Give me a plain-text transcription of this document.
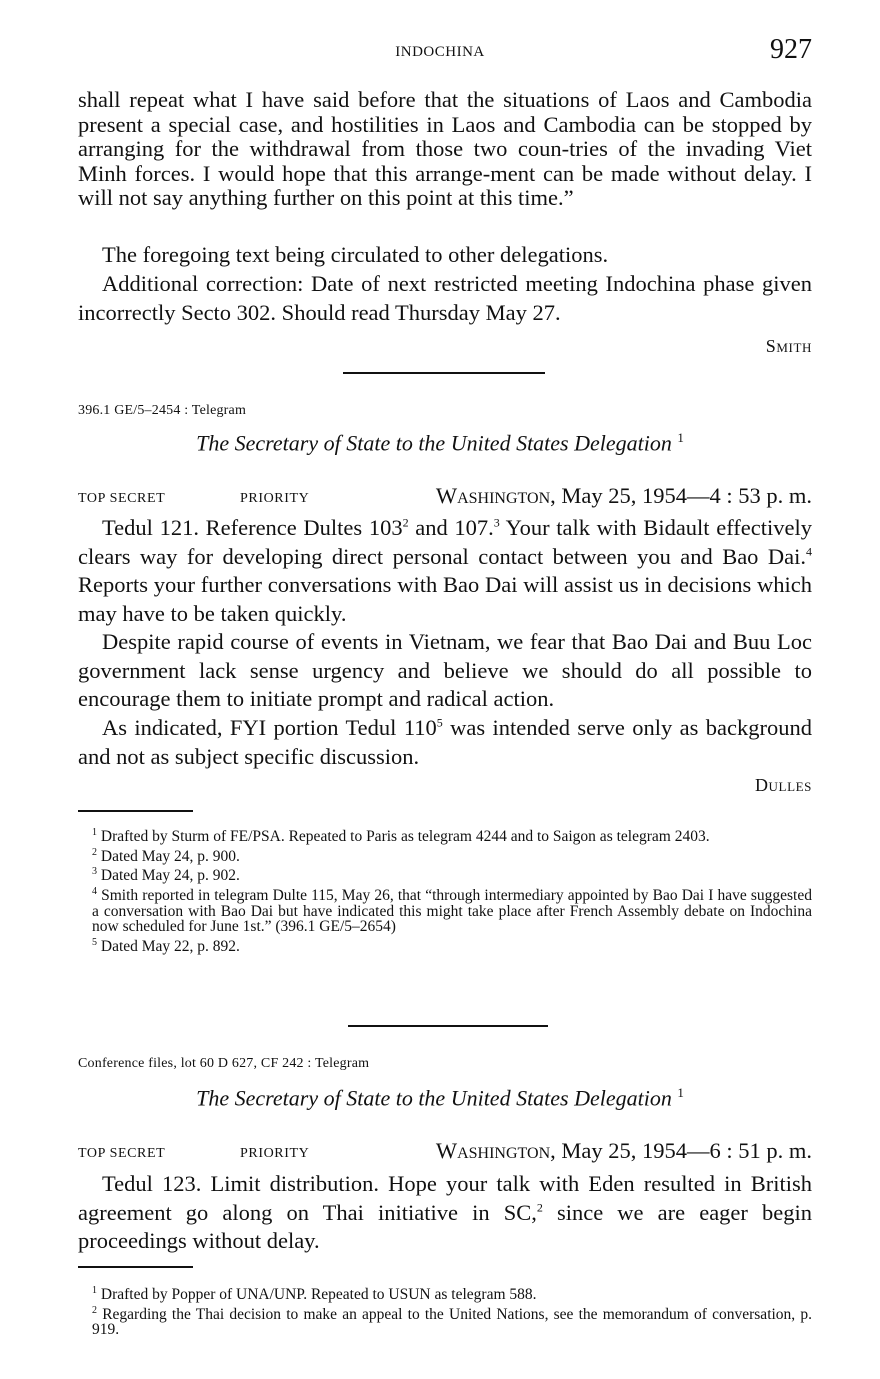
INDOCHINA	927

shall repeat what I have said before that the situations of Laos and Cambodia present a special case, and hostilities in Laos and Cambodia can be stopped by arranging for the withdrawal from those two coun-tries of the invading Viet Minh forces. I would hope that this arrange-ment can be made without delay. I will not say anything further on this point at this time.”

The foregoing text being circulated to other delegations.

Additional correction: Date of next restricted meeting Indochina phase given incorrectly Secto 302. Should read Thursday May 27.

Smith
396.1 GE/5–2454 : Telegram
The Secretary of State to the United States Delegation $^1$
TOP SECRET	PRIORITY	Washington, May 25, 1954—4 : 53 p. m.

Tedul 121. Reference Dultes $103^2$ and 107.$^3$ Your talk with Bidault effectively clears way for developing direct personal contact between you and Bao Dai.$^4$ Reports your further conversations with Bao Dai will assist us in decisions which may have to be taken quickly.

Despite rapid course of events in Vietnam, we fear that Bao Dai and Buu Loc government lack sense urgency and believe we should do all possible to encourage them to initiate prompt and radical action.

As indicated, FYI portion Tedul $110^5$ was intended serve only as background and not as subject specific discussion.

Dulles

$^1$ Drafted by Sturm of FE/PSA. Repeated to Paris as telegram 4244 and to Saigon as telegram 2403.

$^2$ Dated May 24, p. 900.

$^3$ Dated May 24, p. 902.

$^4$ Smith reported in telegram Dulte 115, May 26, that “through intermediary appointed by Bao Dai I have suggested a conversation with Bao Dai but have indicated this might take place after French Assembly debate on Indochina now scheduled for June 1st.” (396.1 GE/5–2654)

$^5$ Dated May 22, p. 892.

Conference files, lot 60 D 627, CF 242 : Telegram
The Secretary of State to the United States Delegation $^1$
TOP SECRET	PRIORITY	Washington, May 25, 1954—6 : 51 p. m.

Tedul 123. Limit distribution. Hope your talk with Eden resulted in British agreement go along on Thai initiative in SC,$^2$ since we are eager begin proceedings without delay.

$^1$ Drafted by Popper of UNA/UNP. Repeated to USUN as telegram 588.

$^2$ Regarding the Thai decision to make an appeal to the United Nations, see the memorandum of conversation, p. 919.
